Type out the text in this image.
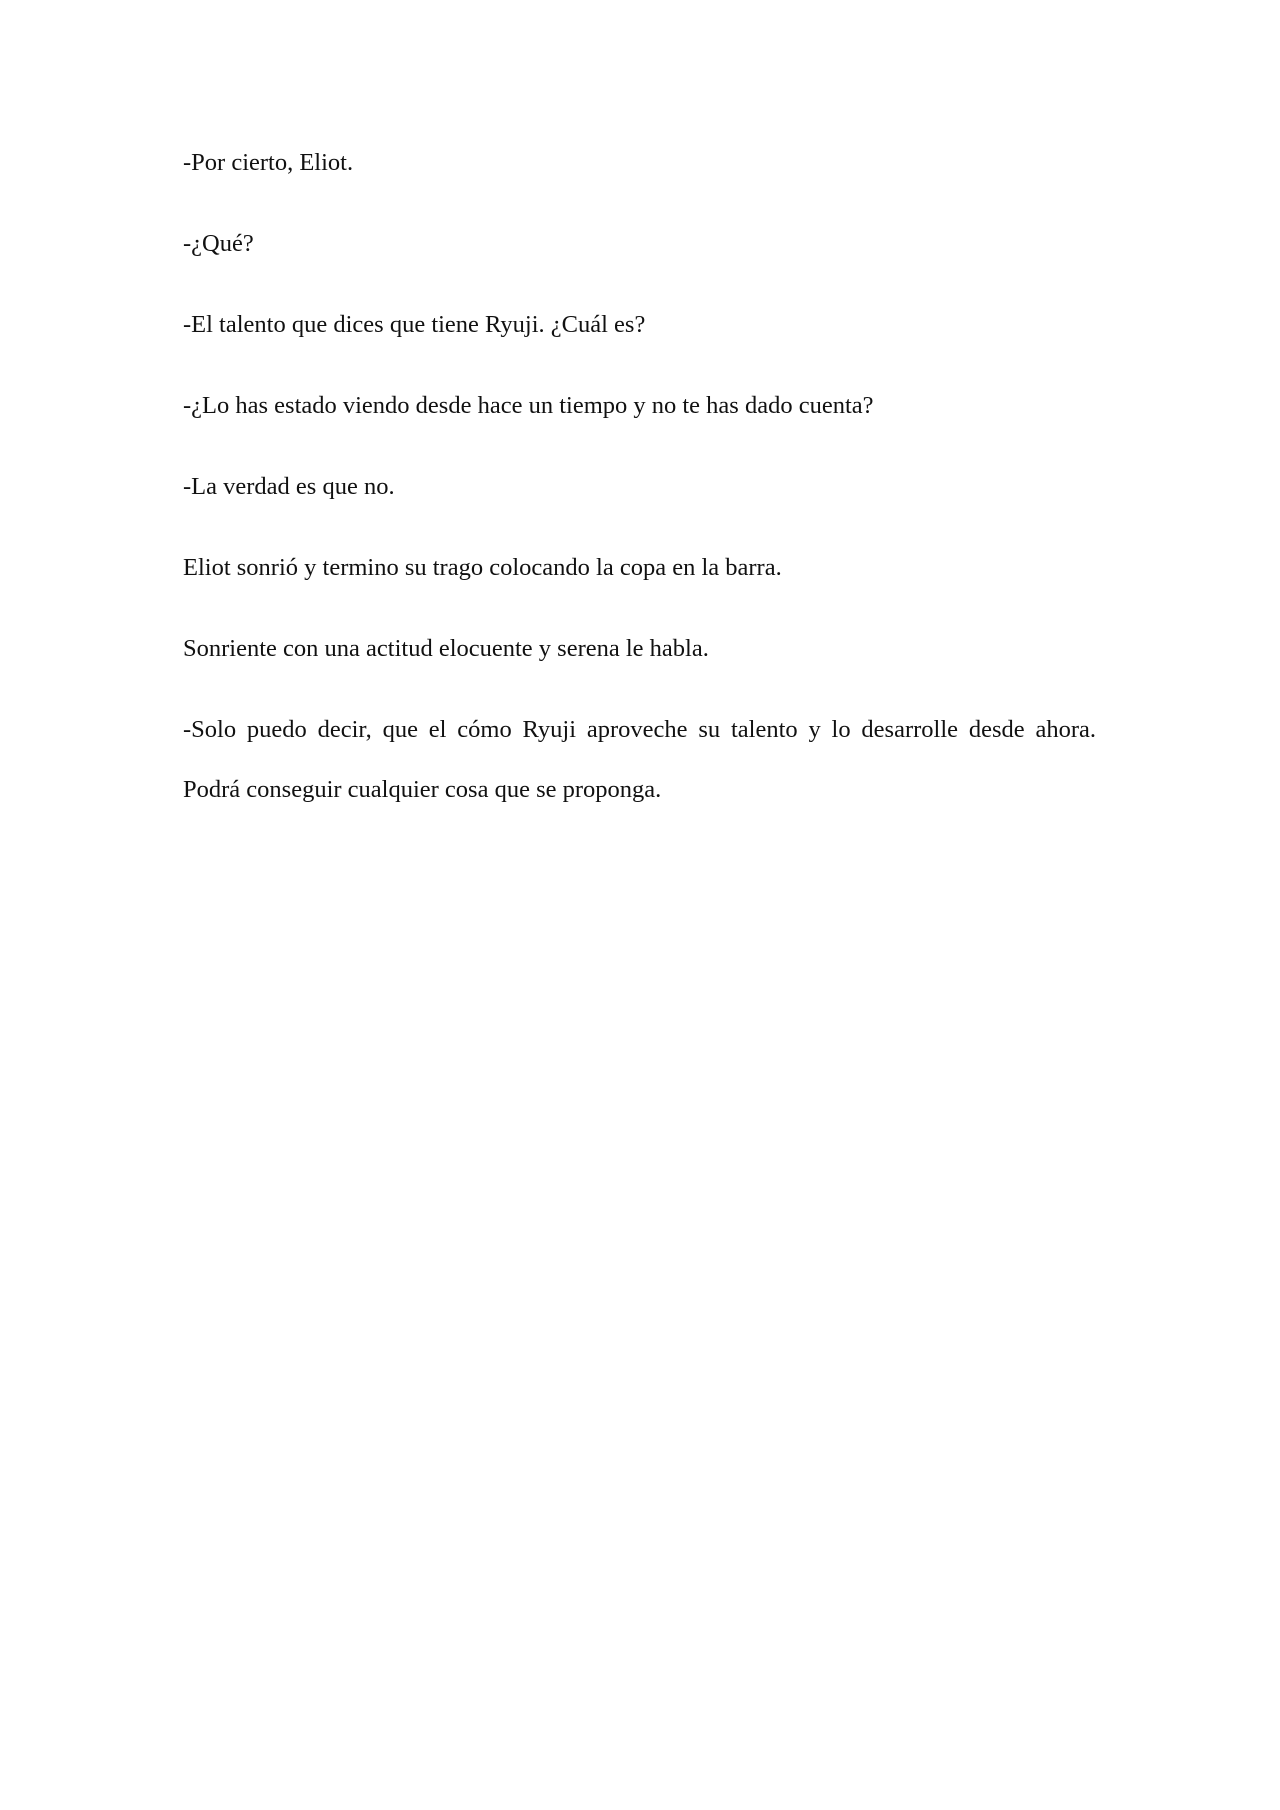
-Por cierto, Eliot.

-¿Qué?

-El talento que dices que tiene Ryuji. ¿Cuál es?

-¿Lo has estado viendo desde hace un tiempo y no te has dado cuenta?

-La verdad es que no.

Eliot sonrió y termino su trago colocando la copa en la barra.

Sonriente con una actitud elocuente y serena le habla.

-Solo puedo decir, que el cómo Ryuji aproveche su talento y lo desarrolle desde ahora.

Podrá conseguir cualquier cosa que se proponga.
